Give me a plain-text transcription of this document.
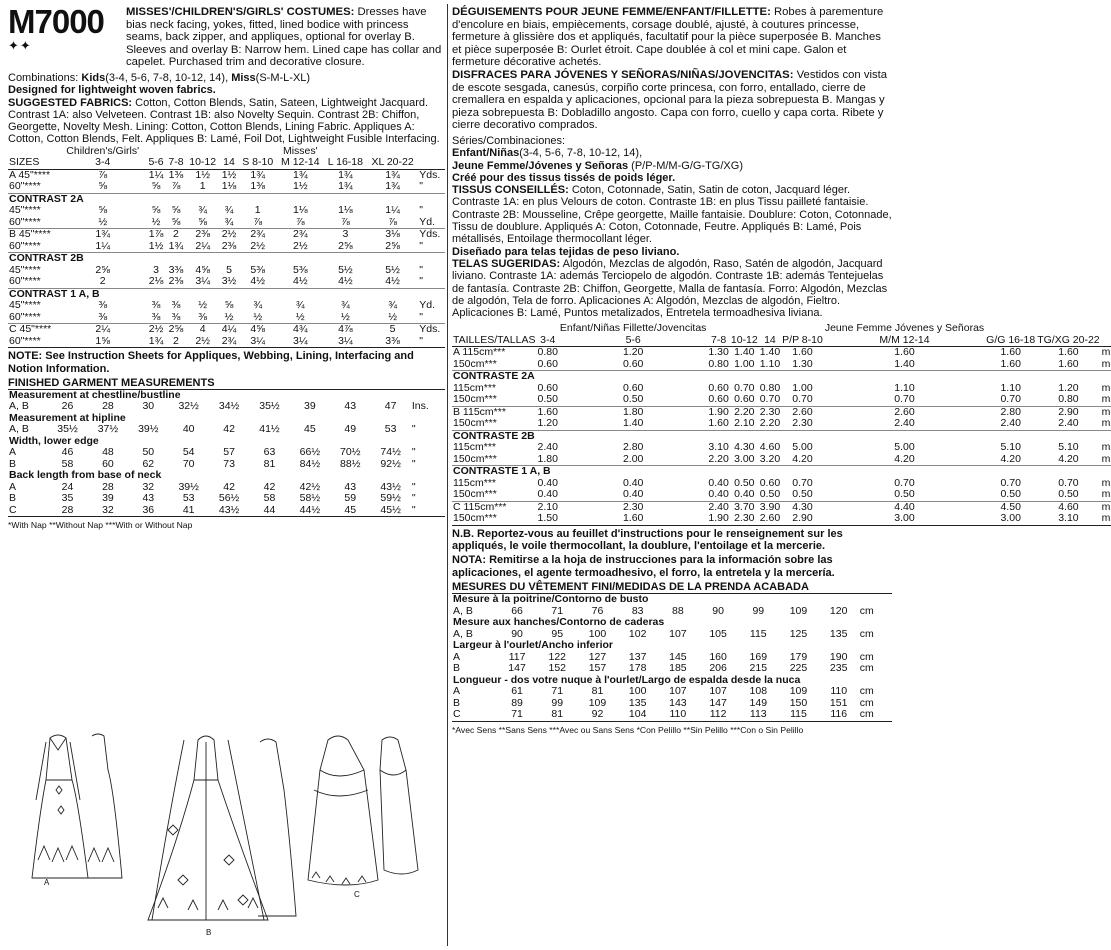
M7000
✦✦
MISSES'/CHILDREN'S/GIRLS' COSTUMES: Dresses have bias neck facing, yokes, fitted, lined bodice with princess seams, back zipper, and appliques, optional for overlay B. Sleeves and overlay B: Narrow hem. Lined cape has collar and capelet. Purchased trim and decorative closure.
Combinations: Kids(3-4, 5-6, 7-8, 10-12, 14), Miss(S-M-L-XL)
Designed for lightweight woven fabrics.
SUGGESTED FABRICS: Cotton, Cotton Blends, Satin, Sateen, Lightweight Jacquard. Contrast 1A: also Velveteen. Contrast 1B: also Novelty Sequin. Contrast 2B: Chiffon, Georgette, Novelty Mesh. Lining: Cotton, Cotton Blends, Lining Fabric. Appliques A: Cotton, Cotton Blends, Felt. Appliques B: Lamé, Foil Dot, Lightweight Fusible Interfacing.
	Children's/Girls'						Misses'			
SIZES	3-4	5-6	7-8	10-12	14	S 8-10	M 12-14	L 16-18	XL 20-22	
A 45"****	⅞	1¼	1⅜	1½	1½	1¾	1¾	1¾	1¾	Yds.
60"****	⅝	⅝	⅞	1	1⅛	1⅜	1½	1¾	1¾	"
CONTRAST 2A										
45"****	⅝	⅝	⅝	¾	¾	1	1⅛	1⅛	1¼	"
60"****	½	½	⅝	⅝	¾	⅞	⅞	⅞	⅞	Yd.
B 45"****	1¾	1⅞	2	2⅜	2½	2¾	2¾	3	3⅛	Yds.
60"****	1¼	1½	1¾	2¼	2⅜	2½	2½	2⅝	2⅝	"
CONTRAST 2B										
45"****	2⅝	3	3⅜	4⅝	5	5⅜	5⅜	5½	5½	"
60"****	2	2⅛	2⅜	3¼	3½	4½	4½	4½	4½	"
CONTRAST 1 A, B										
45"****	⅜	⅜	⅜	½	⅝	¾	¾	¾	¾	Yd.
60"****	⅜	⅜	⅜	⅜	½	½	½	½	½	"
C 45"****	2¼	2½	2⅝	4	4¼	4⅝	4¾	4⅞	5	Yds.
60"****	1⅝	1¾	2	2½	2¾	3¼	3¼	3¼	3⅜	"
NOTE: See Instruction Sheets for Appliques, Webbing, Lining, Interfacing and Notion Information.
FINISHED GARMENT MEASUREMENTS
Measurement at chestline/bustline										
A, B	26	28	30	32½	34½	35½	39	43	47	Ins.
Measurement at hipline										
A, B	35½	37½	39½	40	42	41½	45	49	53	"
Width, lower edge										
A	46	48	50	54	57	63	66½	70½	74½	"
B	58	60	62	70	73	81	84½	88½	92½	"
Back length from base of neck										
A	24	28	32	39½	42	42	42½	43	43½	"
B	35	39	43	53	56½	58	58½	59	59½	"
C	28	32	36	41	43½	44	44½	45	45½	"
*With Nap **Without Nap ***With or Without Nap
DÉGUISEMENTS POUR JEUNE FEMME/ENFANT/FILLETTE: Robes à parementure d'encolure en biais, empiècements, corsage doublé, ajusté, à coutures princesse, fermeture à glissière dos et appliqués, facultatif pour la pièce superposée B. Manches et pièce superposée B: Ourlet étroit. Cape doublée à col et mini cape. Galon et fermeture décorative achetés.
DISFRACES PARA JÓVENES Y SEÑORAS/NIÑAS/JOVENCITAS: Vestidos con vista de escote sesgada, canesús, corpiño corte princesa, con forro, entallado, cierre de cremallera en espalda y aplicaciones, opcional para la pieza sobrepuesta B. Mangas y pieza sobrepuesta B: Dobladillo angosto. Capa con forro, cuello y capa corta. Ribete y cierre decorativo comprados.
Séries/Combinaciones:
Enfant/Niñas(3-4, 5-6, 7-8, 10-12, 14),
Jeune Femme/Jóvenes y Señoras (P/P-M/M-G/G-TG/XG)
Créé pour des tissus tissés de poids léger.
TISSUS CONSEILLÉS: Coton, Cotonnade, Satin, Satin de coton, Jacquard léger. Contraste 1A: en plus Velours de coton. Contraste 1B: en plus Tissu pailleté fantaisie. Contraste 2B: Mousseline, Crêpe georgette, Maille fantaisie. Doublure: Coton, Cotonnade, Tissu de doublure. Appliqués A: Coton, Cotonnade, Feutre. Appliqués B: Lamé, Pois métallisés, Entoilage thermocollant léger.
Diseñado para telas tejidas de peso liviano.
TELAS SUGERIDAS: Algodón, Mezclas de algodón, Raso, Satén de algodón, Jacquard liviano. Contraste 1A: además Terciopelo de algodón. Contraste 1B: además Tentejuelas de fantasía. Contraste 2B: Chiffon, Georgette, Malla de fantasía. Forro: Algodón, Mezclas de algodón, Tela de forro. Aplicaciones A: Algodón, Mezclas de algodón, Fieltro. Aplicaciones B: Lamé, Puntos metalizados, Entretela termoadhesiva liviana.
		Enfant/Niñas Fillette/Jovencitas					Jeune Femme Jóvenes y Señoras			
TAILLES/TALLAS	3-4	5-6	7-8	10-12	14	P/P 8-10	M/M 12-14	G/G 16-18	TG/XG 20-22	
A 115cm***	0.80	1.20	1.30	1.40	1.40	1.60	1.60	1.60	1.60	m
150cm***	0.60	0.60	0.80	1.00	1.10	1.30	1.40	1.60	1.60	m
CONTRASTE 2A										
115cm***	0.60	0.60	0.60	0.70	0.80	1.00	1.10	1.10	1.20	m
150cm***	0.50	0.50	0.60	0.60	0.70	0.70	0.70	0.70	0.80	m
B 115cm***	1.60	1.80	1.90	2.20	2.30	2.60	2.60	2.80	2.90	m
150cm***	1.20	1.40	1.60	2.10	2.20	2.30	2.40	2.40	2.40	m
CONTRASTE 2B										
115cm***	2.40	2.80	3.10	4.30	4.60	5.00	5.00	5.10	5.10	m
150cm***	1.80	2.00	2.20	3.00	3.20	4.20	4.20	4.20	4.20	m
CONTRASTE 1 A, B										
115cm***	0.40	0.40	0.40	0.50	0.60	0.70	0.70	0.70	0.70	m
150cm***	0.40	0.40	0.40	0.40	0.50	0.50	0.50	0.50	0.50	m
C 115cm***	2.10	2.30	2.40	3.70	3.90	4.30	4.40	4.50	4.60	m
150cm***	1.50	1.60	1.90	2.30	2.60	2.90	3.00	3.00	3.10	m
N.B. Reportez-vous au feuillet d'instructions pour le renseignement sur les appliqués, le voile thermocollant, la doublure, l'entoilage et la mercerie.
NOTA: Remitirse a la hoja de instrucciones para la información sobre las aplicaciones, el agente termoadhesivo, el forro, la entretela y la mercería.
MESURES DU VÊTEMENT FINI/MEDIDAS DE LA PRENDA ACABADA
Mesure à la poitrine/Contorno de busto										
A, B	66	71	76	83	88	90	99	109	120	cm
Mesure aux hanches/Contorno de caderas										
A, B	90	95	100	102	107	105	115	125	135	cm
Largeur à l'ourlet/Ancho inferior										
A	117	122	127	137	145	160	169	179	190	cm
B	147	152	157	178	185	206	215	225	235	cm
Longueur - dos votre nuque à l'ourlet/Largo de espalda desde la nuca										
A	61	71	81	100	107	107	108	109	110	cm
B	89	99	109	135	143	147	149	150	151	cm
C	71	81	92	104	110	112	113	115	116	cm
*Avec Sens **Sans Sens ***Avec ou Sans Sens *Con Pelillo **Sin Pelillo ***Con o Sin Pelillo
A
B
C
